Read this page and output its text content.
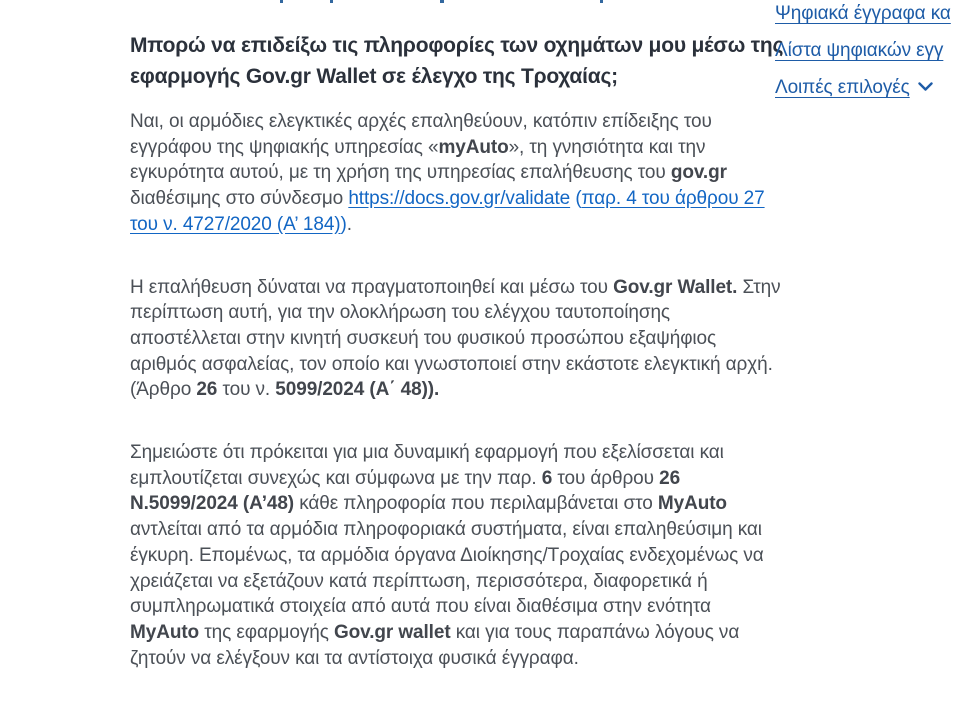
Μπορώ να επιδείξω τις πληροφορίες των οχημάτων μου μέσω της εφαρμογής Gov.gr Wallet σε έλεγχο της Τροχαίας;

Ναι, οι αρμόδιες ελεγκτικές αρχές επαληθεύουν, κατόπιν επίδειξης του εγγράφου της ψηφιακής υπηρεσίας «myAuto», τη γνησιότητα και την εγκυρότητα αυτού, με τη χρήση της υπηρεσίας επαλήθευσης του gov.gr διαθέσιμης στο σύνδεσμο https://docs.gov.gr/validate (παρ. 4 του άρθρου 27 του ν. 4727/2020 (Α’ 184)).

Η επαλήθευση δύναται να πραγματοποιηθεί και μέσω του Gov.gr Wallet. Στην περίπτωση αυτή, για την ολοκλήρωση του ελέγχου ταυτοποίησης αποστέλλεται στην κινητή συσκευή του φυσικού προσώπου εξαψήφιος αριθμός ασφαλείας, τον οποίο και γνωστοποιεί στην εκάστοτε ελεγκτική αρχή. (Άρθρο 26 του ν. 5099/2024 (Α΄ 48)).

Σημειώστε ότι πρόκειται για μια δυναμική εφαρμογή που εξελίσσεται και εμπλουτίζεται συνεχώς και σύμφωνα με την παρ. 6 του άρθρου 26 Ν.5099/2024 (Α’48) κάθε πληροφορία που περιλαμβάνεται στο MyAuto αντλείται από τα αρμόδια πληροφοριακά συστήματα, είναι επαληθεύσιμη και έγκυρη. Επομένως, τα αρμόδια όργανα Διοίκησης/Τροχαίας ενδεχομένως να χρειάζεται να εξετάζουν κατά περίπτωση, περισσότερα, διαφορετικά ή συμπληρωματικά στοιχεία από αυτά που είναι διαθέσιμα στην ενότητα MyAuto της εφαρμογής Gov.gr wallet και για τους παραπάνω λόγους να ζητούν να ελέγξουν και τα αντίστοιχα φυσικά έγγραφα.

Ψηφιακά έγγραφα κα
Λίστα ψηφιακών εγγ
Λοιπές επιλογές
